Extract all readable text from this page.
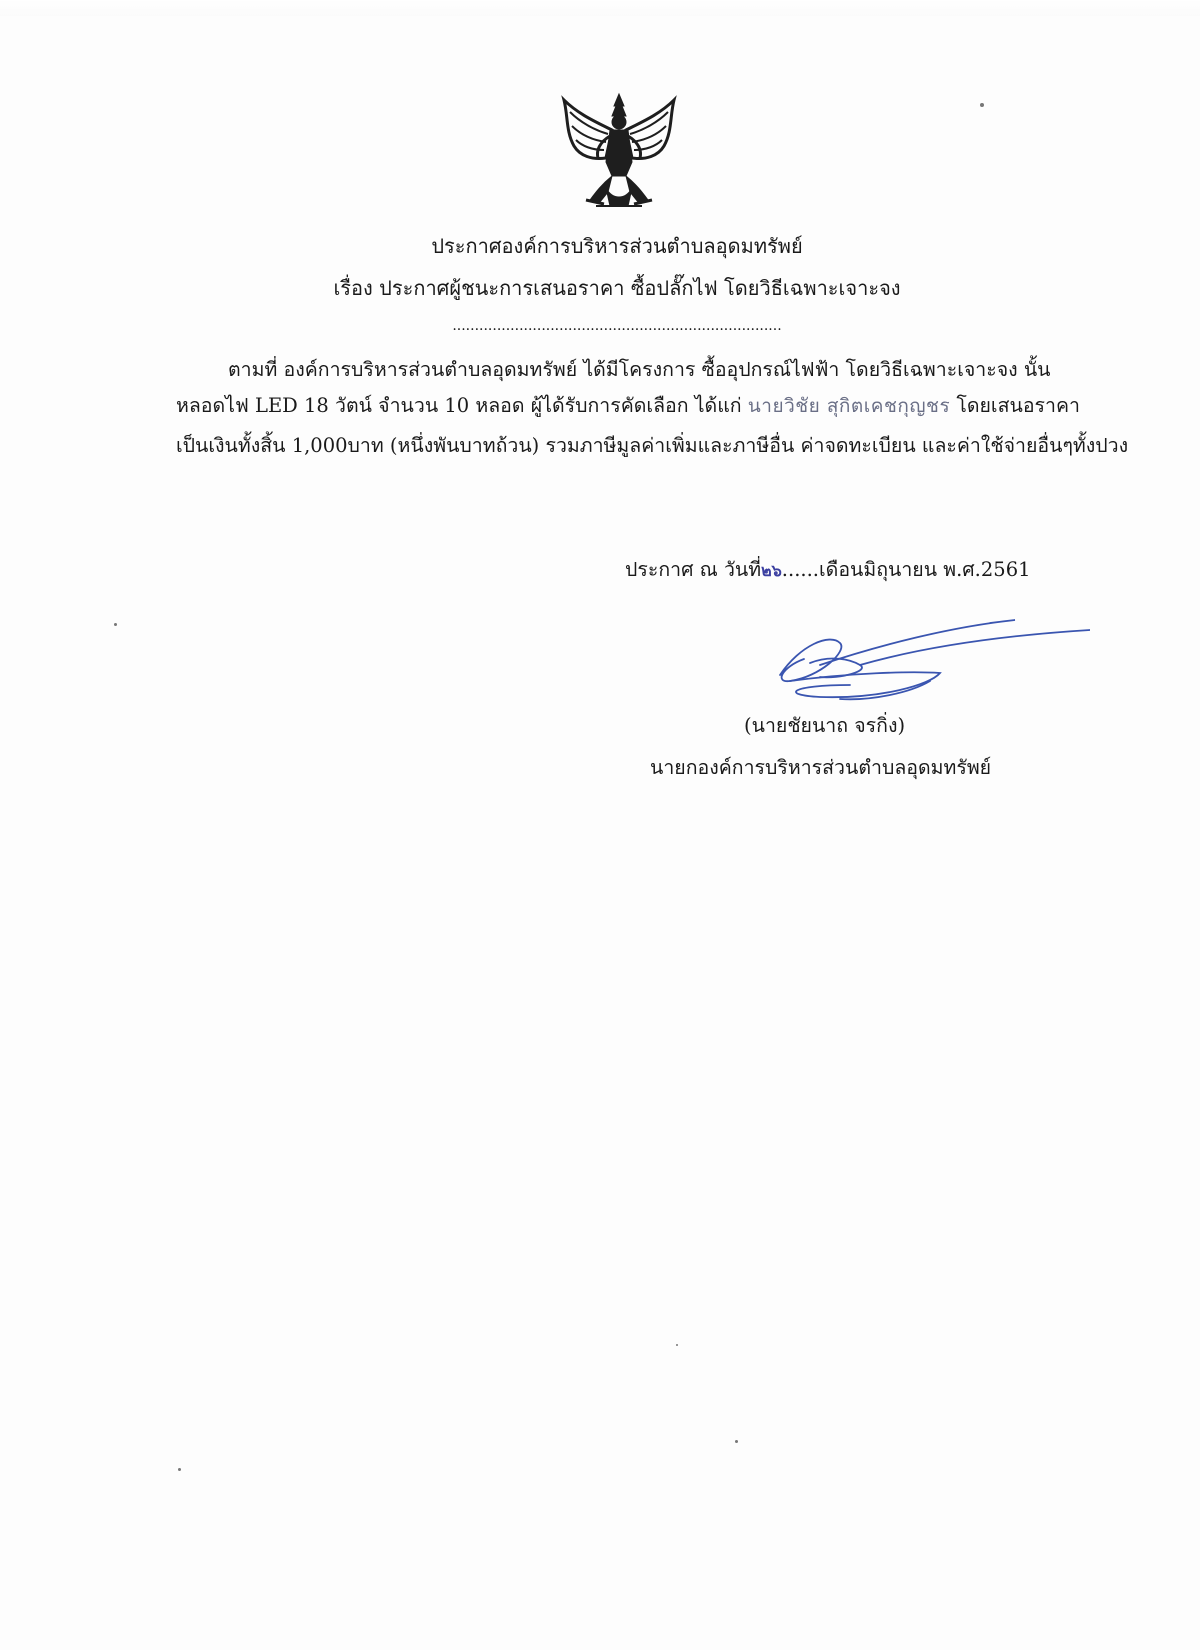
ประกาศองค์การบริหารส่วนตำบลอุดมทรัพย์
เรื่อง ประกาศผู้ชนะการเสนอราคา ซื้อปลั๊กไฟ โดยวิธีเฉพาะเจาะจง
..........................................................................
ตามที่ องค์การบริหารส่วนตำบลอุดมทรัพย์ ได้มีโครงการ ซื้ออุปกรณ์ไฟฟ้า โดยวิธีเฉพาะเจาะจง นั้น
หลอดไฟ LED 18 วัตน์ จำนวน 10 หลอด ผู้ได้รับการคัดเลือก ได้แก่ นายวิชัย สุกิตเคชกุญชร โดยเสนอราคา
เป็นเงินทั้งสิ้น 1,000บาท (หนึ่งพันบาทถ้วน) รวมภาษีมูลค่าเพิ่มและภาษีอื่น ค่าจดทะเบียน และค่าใช้จ่ายอื่นๆทั้งปวง
ประกาศ ณ วันที่๒๖......เดือนมิถุนายน พ.ศ.2561
(นายชัยนาถ จรกิ่ง)
นายกองค์การบริหารส่วนตำบลอุดมทรัพย์
